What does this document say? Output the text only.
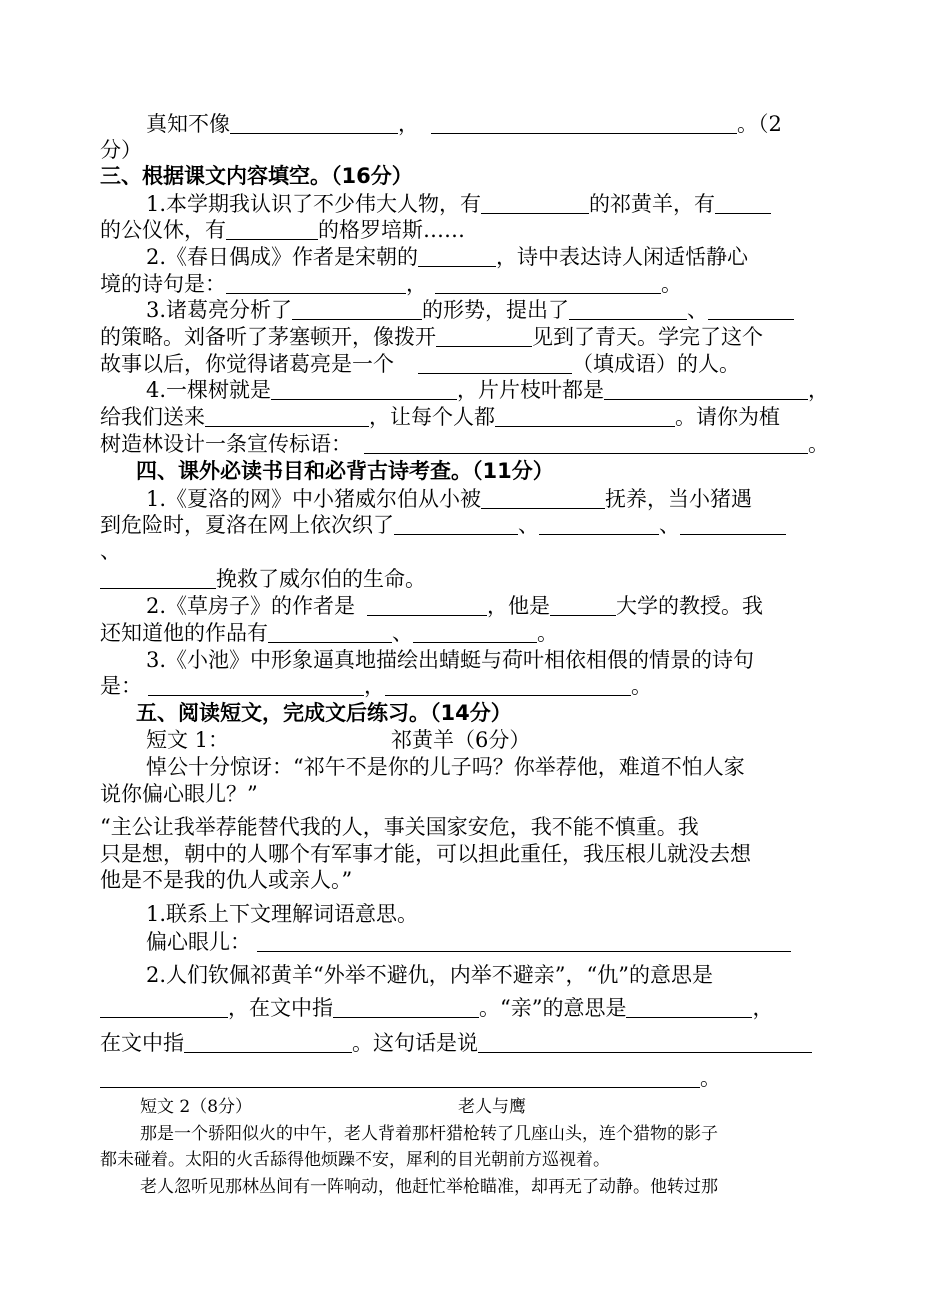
真知不像	，	。（2
分）
三、根据课文内容填空。（16分）
1.本学期我认识了不少伟大人物，有	的祁黄羊，有
的公仪休，有	的格罗培斯……
2.《春日偶成》作者是宋朝的	，诗中表达诗人闲适恬静心
境的诗句是：	，	。
3.诸葛亮分析了	的形势，提出了	、
的策略。刘备听了茅塞顿开，像拨开	见到了青天。学完了这个
故事以后，你觉得诸葛亮是一个	（填成语）的人。
4.一棵树就是	，片片枝叶都是	，
给我们送来	，让每个人都	。请你为植
树造林设计一条宣传标语：	。
四、课外必读书目和必背古诗考查。（11分）
1.《夏洛的网》中小猪威尔伯从小被	抚养，当小猪遇
到危险时，夏洛在网上依次织了	、	、
、
挽救了威尔伯的生命。
2.《草房子》的作者是	，他是	大学的教授。我
还知道他的作品有	、	。
3.《小池》中形象逼真地描绘出蜻蜓与荷叶相依相偎的情景的诗句
是：	，	。
五、阅读短文，完成文后练习。（14分）
短文 1：	祁黄羊（6分）
悼公十分惊讶：“祁午不是你的儿子吗？你举荐他，难道不怕人家
说你偏心眼儿？”
“主公让我举荐能替代我的人，事关国家安危，我不能不慎重。我
只是想，朝中的人哪个有军事才能，可以担此重任，我压根儿就没去想
他是不是我的仇人或亲人。”
1.联系上下文理解词语意思。
偏心眼儿：
2.人们钦佩祁黄羊“外举不避仇，内举不避亲”，“仇”的意思是
，在文中指	。“亲”的意思是	，
在文中指	。这句话是说
。
短文 2（8分）	老人与鹰
那是一个骄阳似火的中午，老人背着那杆猎枪转了几座山头，连个猎物的影子
都未碰着。太阳的火舌舔得他烦躁不安，犀利的目光朝前方巡视着。
老人忽听见那林丛间有一阵响动，他赶忙举枪瞄准，却再无了动静。他转过那
